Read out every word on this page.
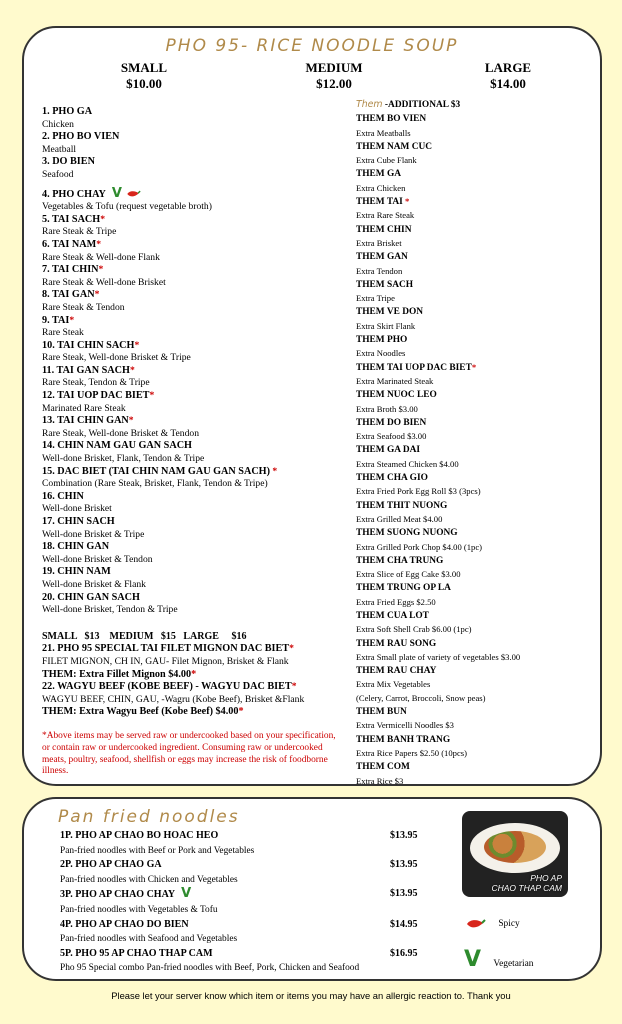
PHO 95- RICE NOODLE SOUP
SMALL
$10.00
MEDIUM
$12.00
LARGE
$14.00
1. PHO GA
Chicken
2. PHO BO VIEN
Meatball
3. DO BIEN
Seafood
4. PHO CHAY V
Vegetables & Tofu (request vegetable broth)
5. TAI SACH*
Rare Steak & Tripe
6. TAI NAM*
Rare Steak & Well-done Flank
7. TAI CHIN*
Rare Steak & Well-done Brisket
8. TAI GAN*
Rare Steak & Tendon
9. TAI*
Rare Steak
10. TAI CHIN SACH*
Rare Steak, Well-done Brisket & Tripe
11. TAI GAN SACH*
Rare Steak, Tendon & Tripe
12. TAI UOP DAC BIET*
Marinated Rare Steak
13. TAI CHIN GAN*
Rare Steak, Well-done Brisket & Tendon
14. CHIN NAM GAU GAN SACH
Well-done Brisket, Flank, Tendon & Tripe
15. DAC BIET (TAI CHIN NAM GAU GAN SACH) *
Combination (Rare Steak, Brisket, Flank, Tendon & Tripe)
16. CHIN
Well-done Brisket
17. CHIN SACH
Well-done Brisket & Tripe
18. CHIN GAN
Well-done Brisket & Tendon
19. CHIN NAM
Well-done Brisket & Flank
20. CHIN GAN SACH
Well-done Brisket, Tendon & Tripe
SMALL   $13    MEDIUM   $15   LARGE     $16
21. PHO 95 SPECIAL TAI FILET MIGNON DAC BIET*
FILET MIGNON, CH IN, GAU- Filet Mignon, Brisket & Flank
THEM: Extra Fillet Mignon $4.00*
22. WAGYU BEEF (KOBE BEEF) - WAGYU DAC BIET*
WAGYU BEEF, CHIN, GAU, -Wagru (Kobe Beef), Brisket &Flank
THEM: Extra Wagyu Beef (Kobe Beef) $4.00*
*Above items may be served raw or undercooked based on your specification, or contain raw or undercooked ingredient. Consuming raw or undercooked meats, poultry, seafood, shellfish or eggs may increase the risk of foodborne illness.
Them -ADDITIONAL $3
THEM BO VIEN
Extra Meatballs
THEM NAM CUC
Extra Cube Flank
THEM GA
Extra Chicken
THEM TAI *
Extra Rare Steak
THEM CHIN
Extra Brisket
THEM GAN
Extra Tendon
THEM SACH
Extra Tripe
THEM VE DON
Extra Skirt Flank
THEM PHO
Extra Noodles
THEM TAI UOP DAC BIET*
Extra Marinated Steak
THEM NUOC LEO
Extra Broth $3.00
THEM DO BIEN
Extra Seafood $3.00
THEM GA DAI
Extra Steamed Chicken $4.00
THEM CHA GIO
Extra Fried Pork Egg Roll $3 (3pcs)
THEM THIT NUONG
Extra Grilled Meat $4.00
THEM SUONG NUONG
Extra Grilled Pork Chop $4.00 (1pc)
THEM CHA TRUNG
Extra Slice of Egg Cake $3.00
THEM TRUNG OP LA
Extra Fried Eggs $2.50
THEM CUA LOT
Extra Soft Shell Crab $6.00 (1pc)
THEM RAU SONG
Extra Small plate of variety of vegetables $3.00
THEM RAU CHAY
Extra Mix Vegetables
(Celery, Carrot, Broccoli, Snow peas)
THEM BUN
Extra Vermicelli Noodles $3
THEM BANH TRANG
Extra Rice Papers $2.50 (10pcs)
THEM COM
Extra Rice $3
Pan fried noodles
1P. PHO AP CHAO BO HOAC HEO	$13.95
Pan-fried noodles with Beef or Pork and Vegetables
2P. PHO AP CHAO GA	$13.95
Pan-fried noodles with Chicken and Vegetables
3P. PHO AP CHAO CHAY V	$13.95
Pan-fried noodles with Vegetables & Tofu
4P. PHO AP CHAO DO BIEN	$14.95
Pan-fried noodles with Seafood and Vegetables
5P. PHO 95 AP CHAO THAP CAM	$16.95
Pho 95 Special combo Pan-fried noodles with Beef, Pork, Chicken and Seafood
PHO AP
CHAO THAP CAM
Spicy
V Vegetarian
Please let your server know which item or items you may have an allergic reaction to. Thank you
